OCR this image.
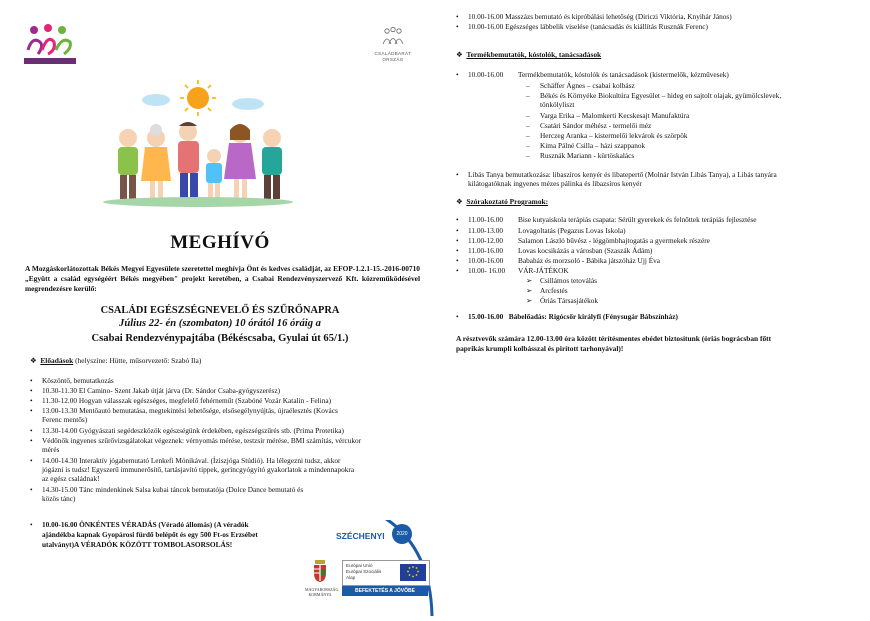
CSALÁDBARÁT
ORSZÁG
MEGHÍVÓ
A Mozgáskorlátozottak Békés Megyei Egyesülete szeretettel meghívja Önt és kedves családját, az EFOP-1.2.1-15.-2016-00710 „Együtt a család egységéért Békés megyében" projekt keretében, a Csabai Rendezvényszervező Kft. közreműködésével megrendezésre kerülő:
CSALÁDI EGÉSZSÉGNEVELŐ ÉS SZŰRŐNAPRA
Július 22- én (szombaton) 10 órától 16 óráig a
Csabai Rendezvénypajtába (Békéscsaba, Gyulai út 65/1.)
❖ Előadások (helyszíne: Hütte, műsorvezető: Szabó Ila)
• Köszöntő, bemutatkozás
• 10.30-11.30 El Camino- Szent Jakab útját járva (Dr. Sándor Csaba-gyógyszerész)
• 11.30-12.00 Hogyan válasszak egészséges, megfelelő fehérneműt (Szabóné Vozár Katalin - Felina)
• 13.00-13.30 Mentőautó bemutatása, megtekintési lehetősége, elsősegélynyújtás, újraélesztés (Kovács
Ferenc mentős)
• 13.30-14.00 Gyógyászati segédeszközök egészségünk érdekében, egészségszűrés stb. (Prima Protetika)
• Védőnők ingyenes szűrővizsgálatokat végeznek: vérnyomás mérése, testzsír mérése, BMI számítás, vércukor
mérés
• 14.00-14.30 Interaktív jógabemutató Lenkefi Mónikával. (Íziszjóga Stúdió). Ha lélegezni tudsz, akkor
jógázni is tudsz! Egyszerű immunerősítő, tartásjavító tippek, gerincgyógyító gyakorlatok a mindennapokra
az egész családnak!
• 14.30-15.00 Tánc mindenkinek Salsa kubai táncok bemutatója (Dolce Dance bemutató és
közös tánc)
• 10.00-16.00 ÖNKÉNTES VÉRADÁS (Véradó állomás) (A véradók
ajándékba kapnak Gyopárosi fürdő belépőt és egy 500 Ft-os Erzsébet
utalványt)A VÉRADÓK KÖZÖTT TOMBOLASORSOLÁS!
SZÉCHENYI	2020
MAGYARORSZÁG
KORMÁNYA
Európai Unió
Európai Szociális
Alap
BEFEKTETÉS A JÖVŐBE
• 10.00-16.00 Masszázs bemutató és kipróbálási lehetőség (Diriczi Viktória, Knyihár János)
• 10.00-16.00 Egészséges lábbelik viselése (tanácsadás és kiállítás Rusznák Ferenc)
❖ Termékbemutatók, kóstolók, tanácsadások
• 10.00-16.00 Termékbemutatók, kóstolók és tanácsadások (kistermelők, kézművesek)
– Schäffer Ágnes – csabai kolbász
– Békés és Környéke Biokultúra Egyesület – hideg en sajtolt olajak, gyümölcslevek,
tönkölyliszt
– Varga Erika – Malomkerti Kecskesajt Manufaktúra
– Csatári Sándor méhész - termelői méz
– Herczeg Aranka – kistermelői lekvárok és szörpök
– Kima Pálné Csilla – házi szappanok
– Rusznák Mariann - kürtöskalács
• Libás Tanya bemutatkozása: libaszíros kenyér és libatepertő (Molnár István Libás Tanya), a Libás tanyára
kilátogatóknak ingyenes mézes pálinka és libazsíros kenyér
❖ Szórakoztató Programok:
• 11.00-16.00 Bise kutyaiskola terápiás csapata: Sérült gyerekek és felnőttek terápiás fejlesztése
• 11.00-13.00 Lovagoltatás (Pegazus Lovas Iskola)
• 11.00-12.00 Salamon László bűvész - léggömbhajtogatás a gyermekek részére
• 11.00-16.00 Lovas kocsikázás a városban (Szaszák Ádám)
• 10.00-16.00 Babaház és morzsoló - Bábika játszóház Ujj Éva
• 10.00- 16.00 VÁR-JÁTÉKOK
➢ Csillámos tetoválás
➢ Arcfestés
➢ Óriás Társasjátékok
• 15.00-16.00   Bábelőadás: Rigócsőr királyfi (Fénysugár Bábszínház)
A résztvevők számára 12.00-13.00 óra között térítésmentes ebédet biztosítunk (óriás bográcsban főtt
paprikás krumpli kolbásszal és pirított tarhonyával)!
